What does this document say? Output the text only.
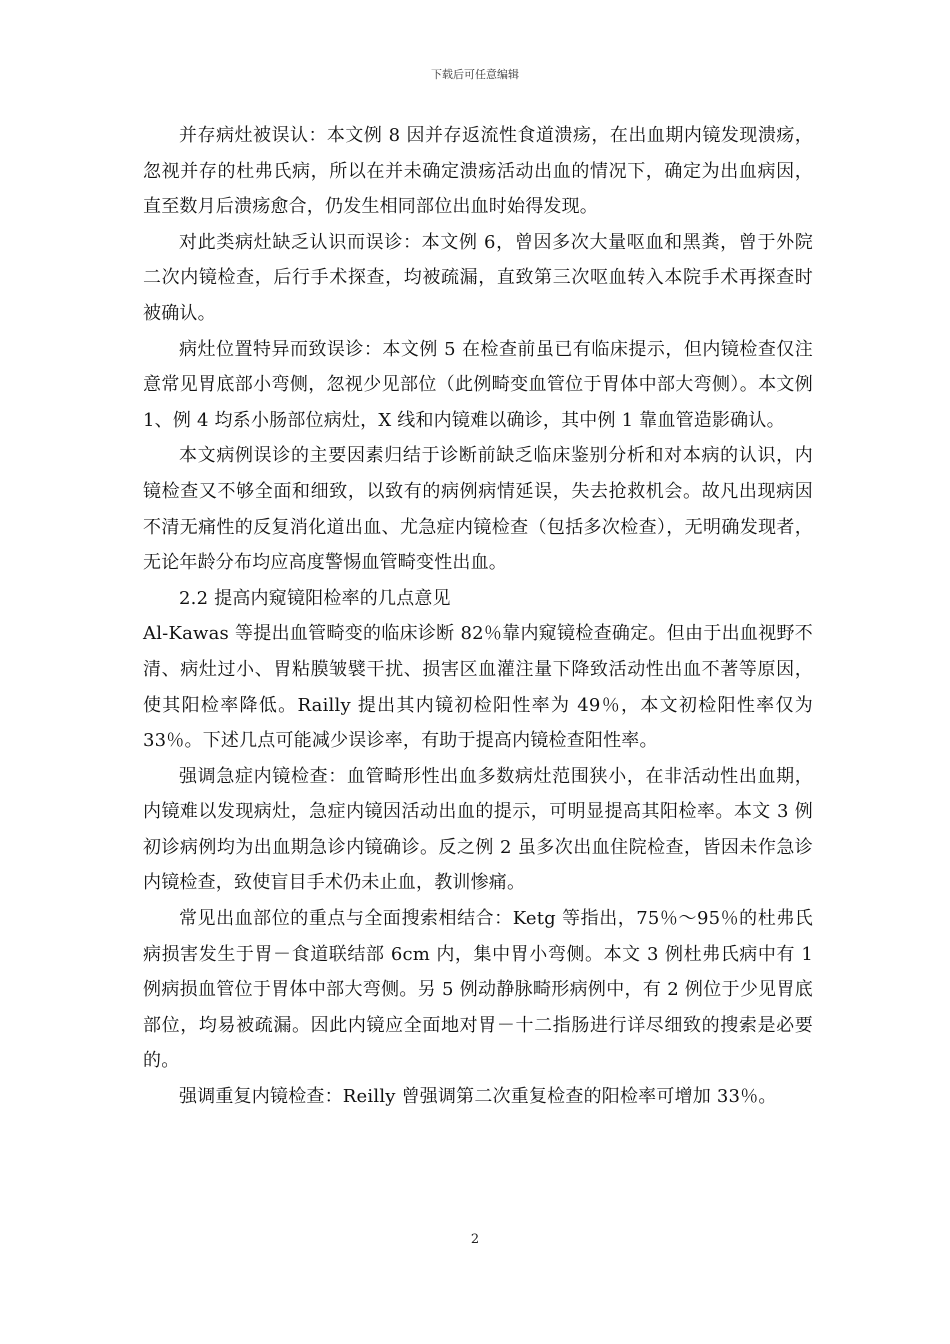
下载后可任意编辑

并存病灶被误认：本文例 8 因并存返流性食道溃疡，在出血期内镜发现溃疡，忽视并存的杜弗氏病，所以在并未确定溃疡活动出血的情况下，确定为出血病因，直至数月后溃疡愈合，仍发生相同部位出血时始得发现。

对此类病灶缺乏认识而误诊：本文例 6，曾因多次大量呕血和黑粪，曾于外院二次内镜检查，后行手术探查，均被疏漏，直致第三次呕血转入本院手术再探查时被确认。

病灶位置特异而致误诊：本文例 5 在检查前虽已有临床提示，但内镜检查仅注意常见胃底部小弯侧，忽视少见部位（此例畸变血管位于胃体中部大弯侧）。本文例 1、例 4 均系小肠部位病灶，X 线和内镜难以确诊，其中例 1 靠血管造影确认。

本文病例误诊的主要因素归结于诊断前缺乏临床鉴别分析和对本病的认识，内镜检查又不够全面和细致，以致有的病例病情延误，失去抢救机会。故凡出现病因不清无痛性的反复消化道出血、尤急症内镜检查（包括多次检查），无明确发现者，无论年龄分布均应高度警惕血管畸变性出血。

2.2 提高内窥镜阳检率的几点意见

Al-Kawas 等提出血管畸变的临床诊断 82％靠内窥镜检查确定。但由于出血视野不清、病灶过小、胃粘膜皱襞干扰、损害区血灌注量下降致活动性出血不著等原因，使其阳检率降低。Railly 提出其内镜初检阳性率为 49％，本文初检阳性率仅为 33％。下述几点可能减少误诊率，有助于提高内镜检查阳性率。

强调急症内镜检查：血管畸形性出血多数病灶范围狭小，在非活动性出血期，内镜难以发现病灶，急症内镜因活动出血的提示，可明显提高其阳检率。本文 3 例初诊病例均为出血期急诊内镜确诊。反之例 2 虽多次出血住院检查，皆因未作急诊内镜检查，致使盲目手术仍未止血，教训惨痛。

常见出血部位的重点与全面搜索相结合：Ketg 等指出，75％～95％的杜弗氏病损害发生于胃－食道联结部 6cm 内，集中胃小弯侧。本文 3 例杜弗氏病中有 1 例病损血管位于胃体中部大弯侧。另 5 例动静脉畸形病例中，有 2 例位于少见胃底部位，均易被疏漏。因此内镜应全面地对胃－十二指肠进行详尽细致的搜索是必要的。

强调重复内镜检查：Reilly 曾强调第二次重复检查的阳检率可增加 33％。

2
